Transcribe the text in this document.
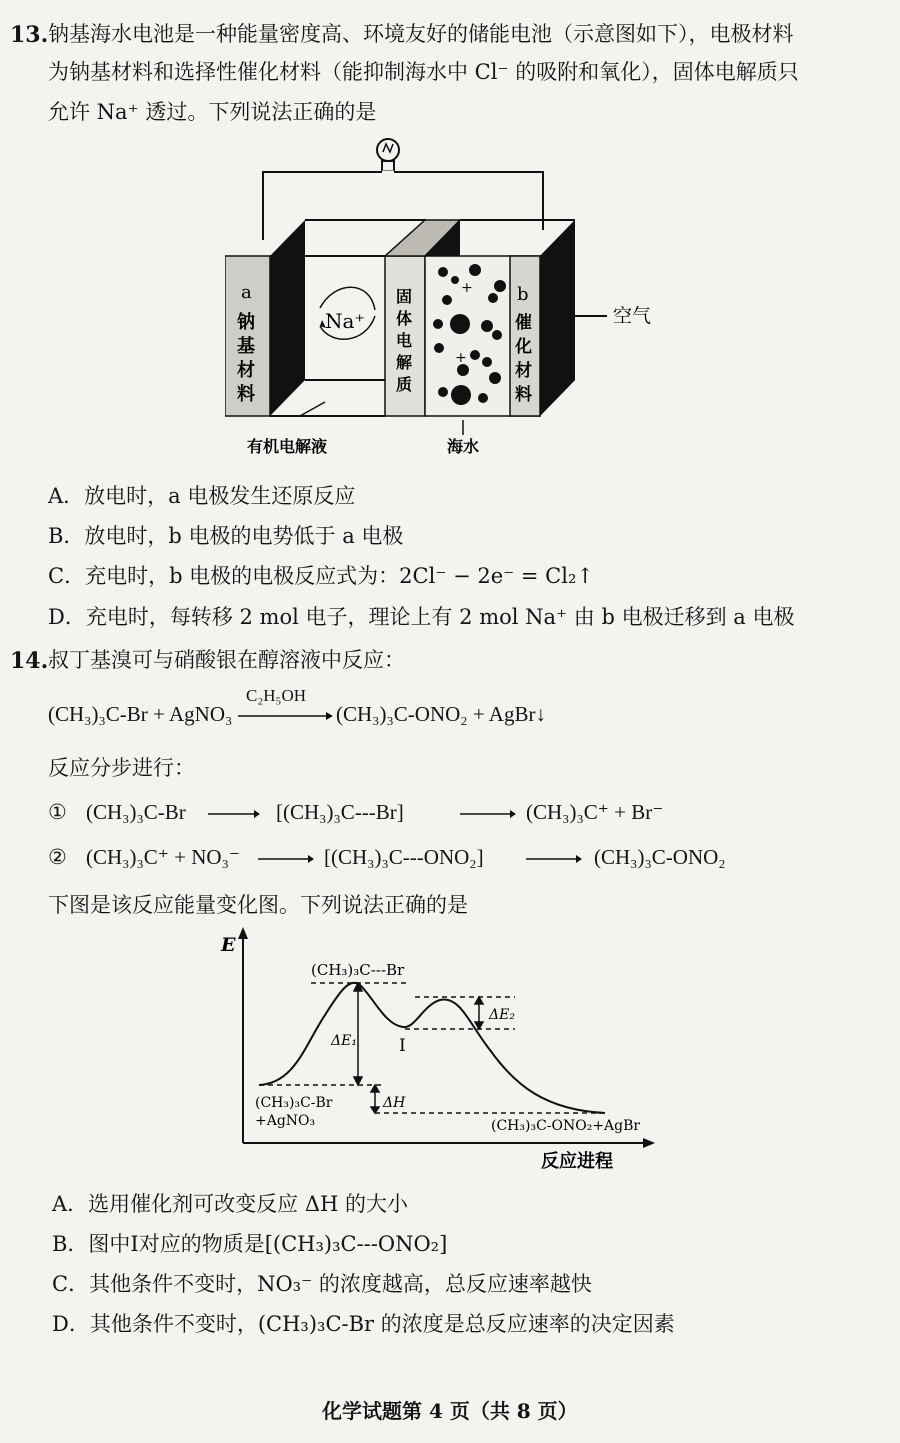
13. 钠基海水电池是一种能量密度高、环境友好的储能电池（示意图如下），电极材料
为钠基材料和选择性催化材料（能抑制海水中 Cl⁻ 的吸附和氧化），固体电解质只
允许 Na⁺ 透过。下列说法正确的是
+
+
a
钠
基
材
料
Na⁺
固
体
电
解
质
b
催
化
材
料
空气
有机电解液	海水
A．放电时，a 电极发生还原反应
B．放电时，b 电极的电势低于 a 电极
C．充电时，b 电极的电极反应式为：2Cl⁻ − 2e⁻ = Cl₂↑
D．充电时，每转移 2 mol 电子，理论上有 2 mol Na⁺ 由 b 电极迁移到 a 电极
14. 叔丁基溴可与硝酸银在醇溶液中反应：
(CH₃)₃C-Br + AgNO₃
C₂H₅OH
(CH₃)₃C-ONO₂ + AgBr↓
反应分步进行：
① (CH₃)₃C-Br	[(CH₃)₃C---Br]	(CH₃)₃C⁺ + Br⁻
② (CH₃)₃C⁺ + NO₃⁻	[(CH₃)₃C---ONO₂]	(CH₃)₃C-ONO₂
下图是该反应能量变化图。下列说法正确的是
E
反应进程
(CH₃)₃C---Br
ΔE₁
ΔE₂
I
ΔH
(CH₃)₃C-Br
+AgNO₃	(CH₃)₃C-ONO₂+AgBr
A．选用催化剂可改变反应 ΔH 的大小
B．图中Ⅰ对应的物质是[(CH₃)₃C---ONO₂]
C．其他条件不变时，NO₃⁻ 的浓度越高，总反应速率越快
D．其他条件不变时，(CH₃)₃C-Br 的浓度是总反应速率的决定因素
化学试题第 4 页（共 8 页）
